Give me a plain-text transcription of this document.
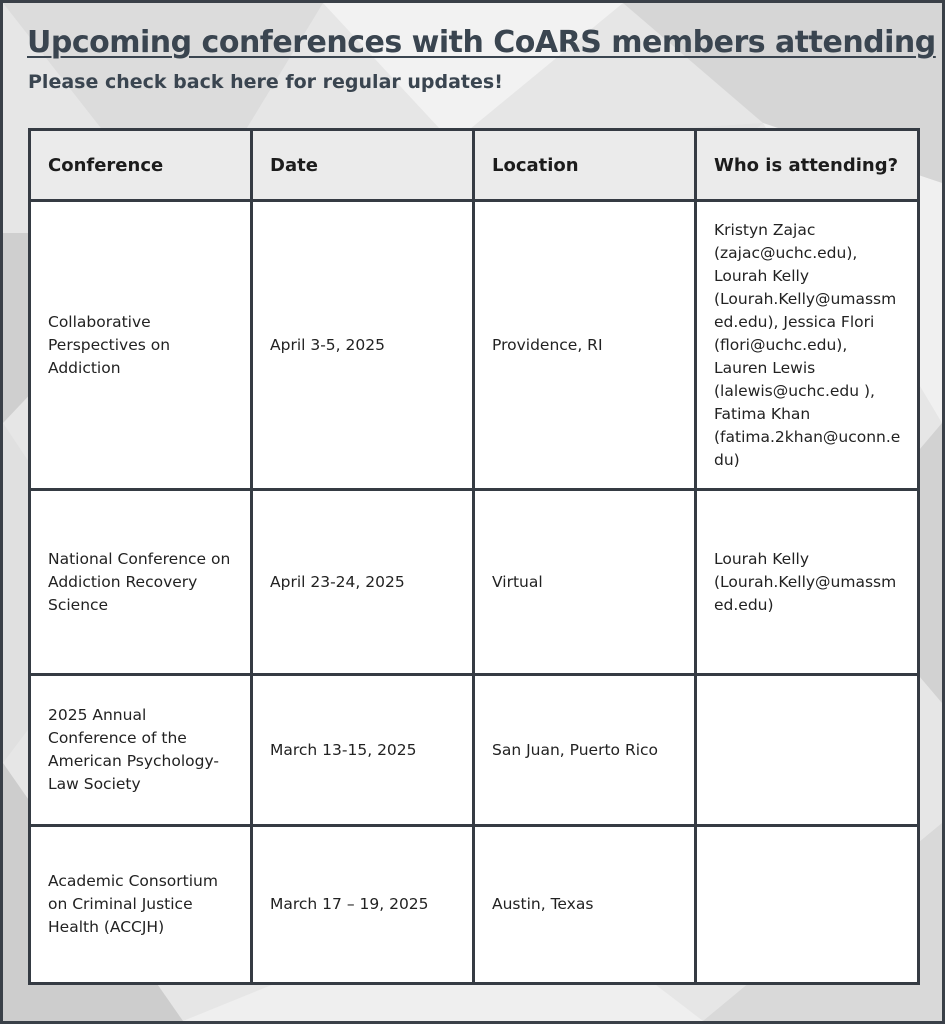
Upcoming conferences with CoARS members attending

Please check back here for regular updates!

Conference	Date	Location	Who is attending?
Collaborative Perspectives on Addiction	April 3-5, 2025	Providence, RI	Kristyn Zajac (zajac@uchc.edu), Lourah Kelly (Lourah.Kelly@umassmed.edu), Jessica Flori (flori@uchc.edu), Lauren Lewis (lalewis@uchc.edu ), Fatima Khan (fatima.2khan@uconn.edu)
National Conference on Addiction Recovery Science	April 23-24, 2025	Virtual	Lourah Kelly (Lourah.Kelly@umassmed.edu)
2025 Annual Conference of the American Psychology-Law Society	March 13-15, 2025	San Juan, Puerto Rico	
Academic Consortium on Criminal Justice Health (ACCJH)	March 17 – 19, 2025	Austin, Texas	
